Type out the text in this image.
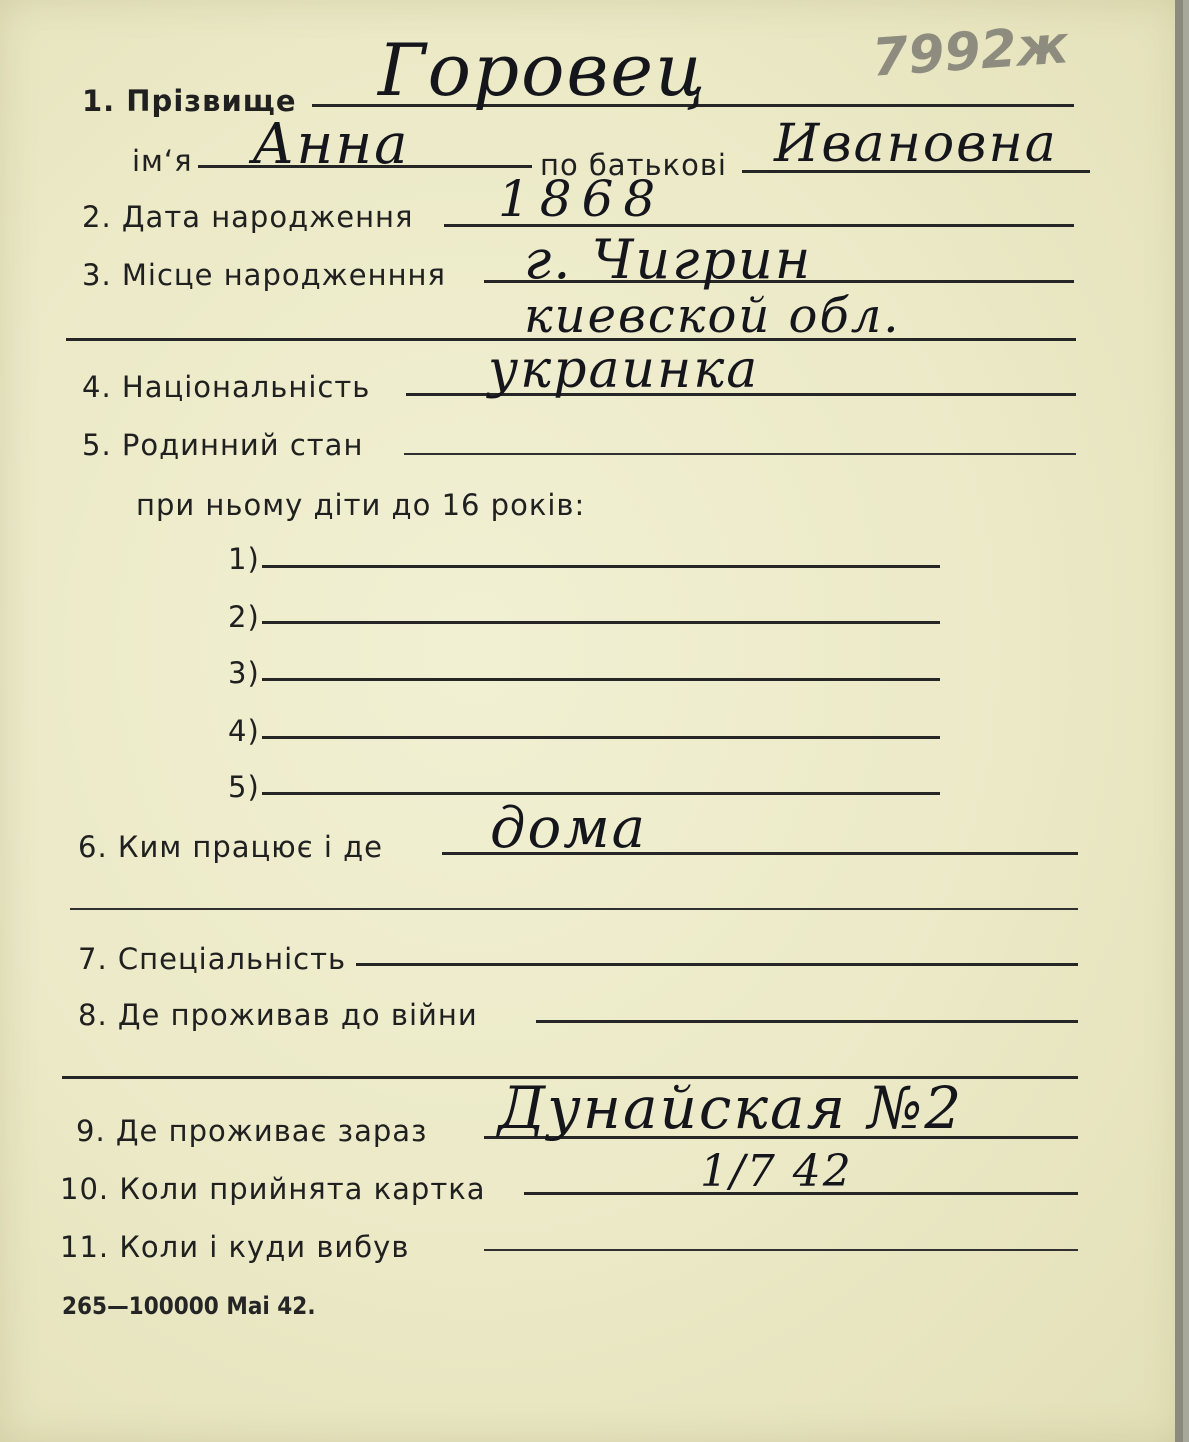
7992ж
1. Прізвище Горовец
ім‘я Анна	по батькові Ивановна
2. Дата народження 1868
3. Місце народженння г. Чигрин
киевской обл.
4. Національність украинка
5. Родинний стан
при ньому діти до 16 років:
1)
2)
3)
4)
5)
6. Ким працює і де дома
7. Спеціальність
8. Де проживав до війни
9. Де проживає зараз Дунайская №2
10. Коли прийнята картка	1/7 42
11. Коли і куди вибув
265—100000 Mai 42.
